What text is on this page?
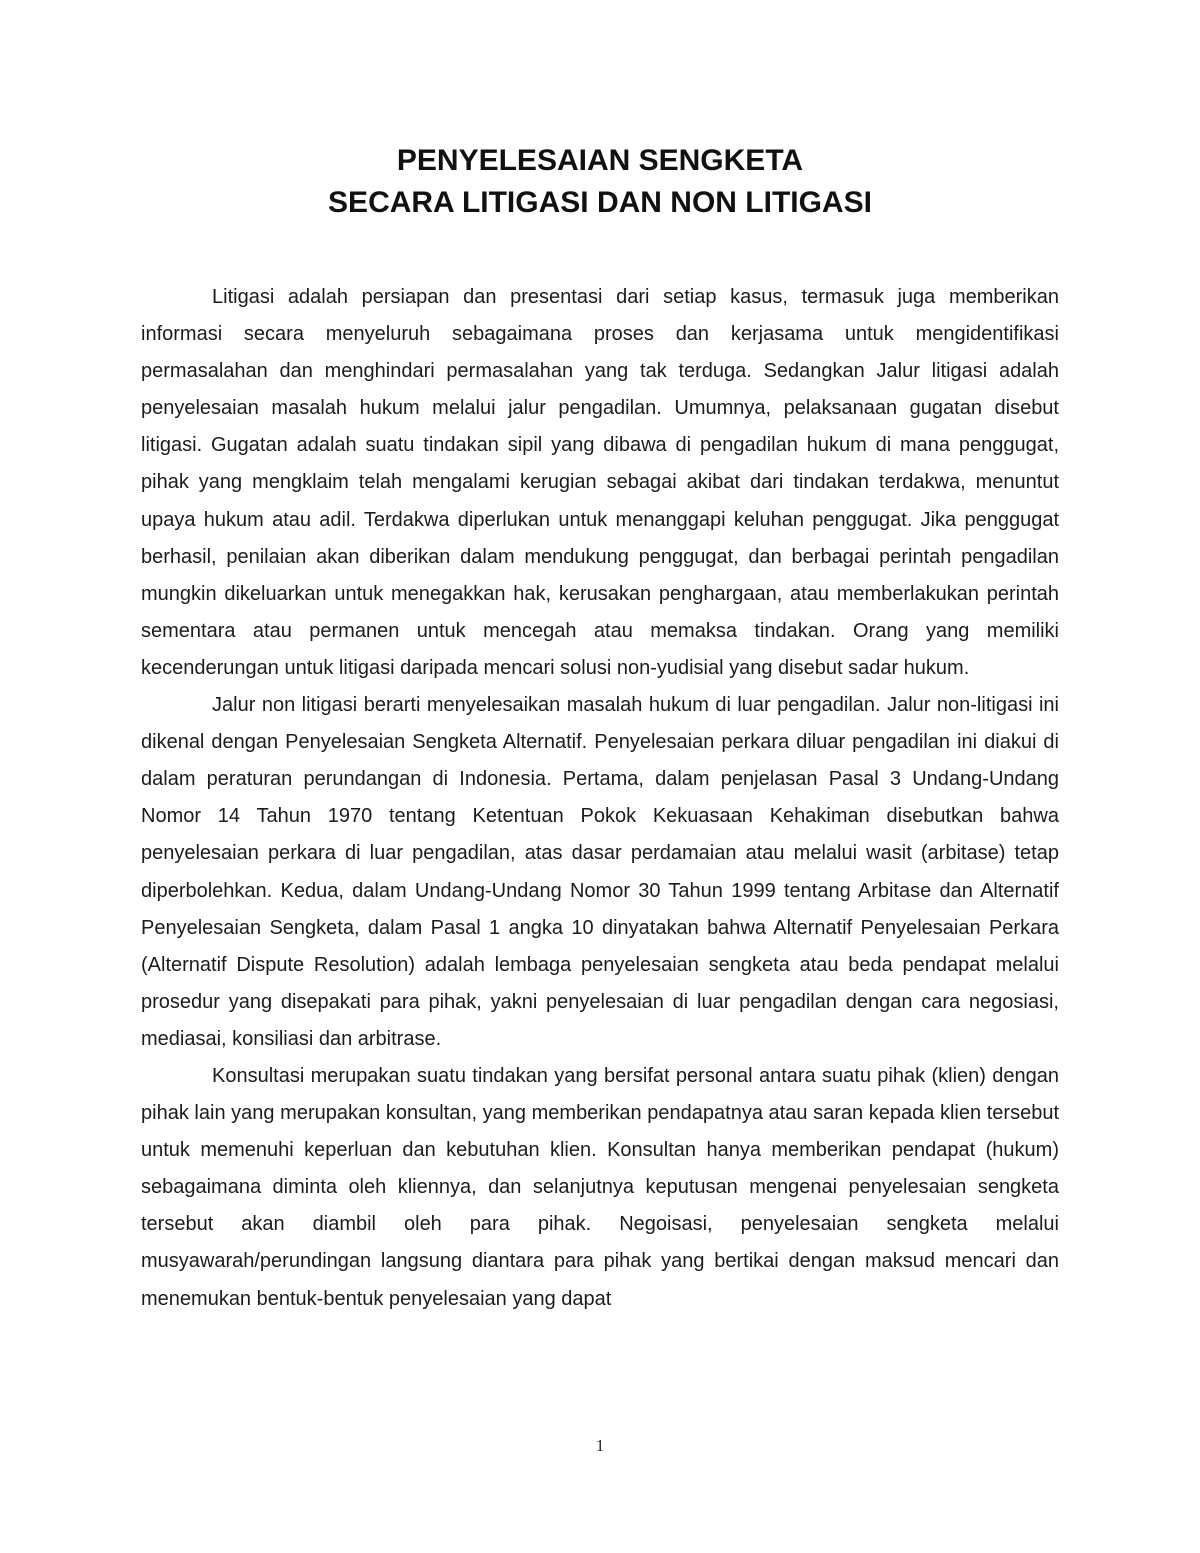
PENYELESAIAN SENGKETA
SECARA LITIGASI DAN NON LITIGASI

Litigasi adalah persiapan dan presentasi dari setiap kasus, termasuk juga memberikan informasi secara menyeluruh sebagaimana proses dan kerjasama untuk mengidentifikasi permasalahan dan menghindari permasalahan yang tak terduga. Sedangkan Jalur litigasi adalah penyelesaian masalah hukum melalui jalur pengadilan. Umumnya, pelaksanaan gugatan disebut litigasi. Gugatan adalah suatu tindakan sipil yang dibawa di pengadilan hukum di mana penggugat, pihak yang mengklaim telah mengalami kerugian sebagai akibat dari tindakan terdakwa, menuntut upaya hukum atau adil. Terdakwa diperlukan untuk menanggapi keluhan penggugat. Jika penggugat berhasil, penilaian akan diberikan dalam mendukung penggugat, dan berbagai perintah pengadilan mungkin dikeluarkan untuk menegakkan hak, kerusakan penghargaan, atau memberlakukan perintah sementara atau permanen untuk mencegah atau memaksa tindakan. Orang yang memiliki kecenderungan untuk litigasi daripada mencari solusi non-yudisial yang disebut sadar hukum.

Jalur non litigasi berarti menyelesaikan masalah hukum di luar pengadilan. Jalur non-litigasi ini dikenal dengan Penyelesaian Sengketa Alternatif. Penyelesaian perkara diluar pengadilan ini diakui di dalam peraturan perundangan di Indonesia. Pertama, dalam penjelasan Pasal 3 Undang-Undang Nomor 14 Tahun 1970 tentang Ketentuan Pokok Kekuasaan Kehakiman disebutkan bahwa penyelesaian perkara di luar pengadilan, atas dasar perdamaian atau melalui wasit (arbitase) tetap diperbolehkan. Kedua, dalam Undang-Undang Nomor 30 Tahun 1999 tentang Arbitase dan Alternatif Penyelesaian Sengketa, dalam Pasal 1 angka 10 dinyatakan bahwa Alternatif Penyelesaian Perkara (Alternatif Dispute Resolution) adalah lembaga penyelesaian sengketa atau beda pendapat melalui prosedur yang disepakati para pihak, yakni penyelesaian di luar pengadilan dengan cara negosiasi, mediasai, konsiliasi dan arbitrase.

Konsultasi merupakan suatu tindakan yang bersifat personal antara suatu pihak (klien) dengan pihak lain yang merupakan konsultan, yang memberikan pendapatnya atau saran kepada klien tersebut untuk memenuhi keperluan dan kebutuhan klien. Konsultan hanya memberikan pendapat (hukum) sebagaimana diminta oleh kliennya, dan selanjutnya keputusan mengenai penyelesaian sengketa tersebut akan diambil oleh para pihak. Negoisasi, penyelesaian sengketa melalui musyawarah/perundingan langsung diantara para pihak yang bertikai dengan maksud mencari dan menemukan bentuk-bentuk penyelesaian yang dapat

1
